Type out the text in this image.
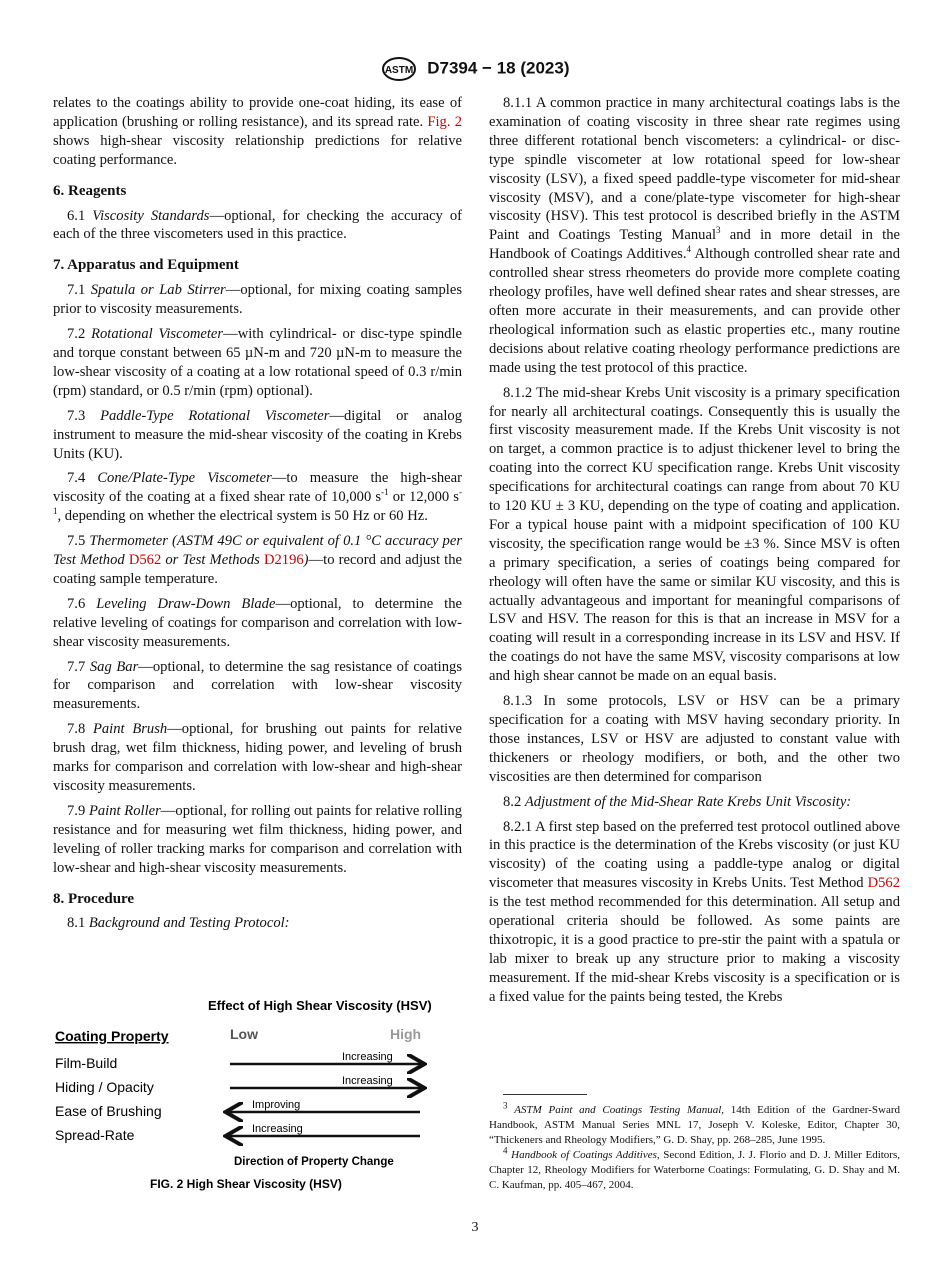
ASTM D7394 − 18 (2023)
relates to the coatings ability to provide one-coat hiding, its ease of application (brushing or rolling resistance), and its spread rate. Fig. 2 shows high-shear viscosity relationship predictions for relative coating performance.
6. Reagents
6.1 Viscosity Standards—optional, for checking the accuracy of each of the three viscometers used in this practice.
7. Apparatus and Equipment
7.1 Spatula or Lab Stirrer—optional, for mixing coating samples prior to viscosity measurements.
7.2 Rotational Viscometer—with cylindrical- or disc-type spindle and torque constant between 65 µN-m and 720 µN-m to measure the low-shear viscosity of a coating at a low rotational speed of 0.3 r/min (rpm) standard, or 0.5 r/min (rpm) optional).
7.3 Paddle-Type Rotational Viscometer—digital or analog instrument to measure the mid-shear viscosity of the coating in Krebs Units (KU).
7.4 Cone/Plate-Type Viscometer—to measure the high-shear viscosity of the coating at a fixed shear rate of 10,000 $s^{-1}$ or 12,000 $s^{-1}$, depending on whether the electrical system is 50 Hz or 60 Hz.
7.5 Thermometer (ASTM 49C or equivalent of 0.1 °C accuracy per Test Method D562 or Test Methods D2196)—to record and adjust the coating sample temperature.
7.6 Leveling Draw-Down Blade—optional, to determine the relative leveling of coatings for comparison and correlation with low-shear viscosity measurements.
7.7 Sag Bar—optional, to determine the sag resistance of coatings for comparison and correlation with low-shear viscosity measurements.
7.8 Paint Brush—optional, for brushing out paints for relative brush drag, wet film thickness, hiding power, and leveling of brush marks for comparison and correlation with low-shear and high-shear viscosity measurements.
7.9 Paint Roller—optional, for rolling out paints for relative rolling resistance and for measuring wet film thickness, hiding power, and leveling of roller tracking marks for comparison and correlation with low-shear and high-shear viscosity measurements.
8. Procedure
8.1 Background and Testing Protocol:
8.1.1 A common practice in many architectural coatings labs is the examination of coating viscosity in three shear rate regimes using three different rotational bench viscometers: a cylindrical- or disc-type spindle viscometer at low rotational speed for low-shear viscosity (LSV), a fixed speed paddle-type viscometer for mid-shear viscosity (MSV), and a cone/plate-type viscometer for high-shear viscosity (HSV). This test protocol is described briefly in the ASTM Paint and Coatings Testing Manual$^3$ and in more detail in the Handbook of Coatings Additives.$^4$ Although controlled shear rate and controlled shear stress rheometers do provide more complete coating rheology profiles, have well defined shear rates and shear stresses, are often more accurate in their measurements, and can provide other rheological information such as elastic properties etc., many routine decisions about relative coating rheology performance predictions are made using the test protocol of this practice.
8.1.2 The mid-shear Krebs Unit viscosity is a primary specification for nearly all architectural coatings. Consequently this is usually the first viscosity measurement made. If the Krebs Unit viscosity is not on target, a common practice is to adjust thickener level to bring the coating into the correct KU specification range. Krebs Unit viscosity specifications for architectural coatings can range from about 70 KU to 120 KU ± 3 KU, depending on the type of coating and application. For a typical house paint with a midpoint specification of 100 KU viscosity, the specification range would be ±3 %. Since MSV is often a primary specification, a series of coatings being compared for rheology will often have the same or similar KU viscosity, and this is actually advantageous and important for meaningful comparisons of LSV and HSV. The reason for this is that an increase in MSV for a coating will result in a corresponding increase in its LSV and HSV. If the coatings do not have the same MSV, viscosity comparisons at low and high shear cannot be made on an equal basis.
8.1.3 In some protocols, LSV or HSV can be a primary specification for a coating with MSV having secondary priority. In those instances, LSV or HSV are adjusted to constant value with thickeners or rheology modifiers, or both, and the other two viscosities are then determined for comparison
8.2 Adjustment of the Mid-Shear Rate Krebs Unit Viscosity:
8.2.1 A first step based on the preferred test protocol outlined above in this practice is the determination of the Krebs viscosity (or just KU viscosity) of the coating using a paddle-type analog or digital viscometer that measures viscosity in Krebs Units. Test Method D562 is the test method recommended for this determination. All setup and operational criteria should be followed. As some paints are thixotropic, it is a good practice to pre-stir the paint with a spatula or lab mixer to break up any structure prior to making a viscosity measurement. If the mid-shear Krebs viscosity is a specification or is a fixed value for the paints being tested, the Krebs
Effect of High Shear Viscosity (HSV)
Coating Property	Low	High
Film-Build	Increasing
Hiding / Opacity	Increasing
Ease of Brushing	Improving
Spread-Rate	Increasing
Direction of Property Change
FIG. 2 High Shear Viscosity (HSV)
$^3$ ASTM Paint and Coatings Testing Manual, 14th Edition of the Gardner-Sward Handbook, ASTM Manual Series MNL 17, Joseph V. Koleske, Editor, Chapter 30, “Thickeners and Rheology Modifiers,” G. D. Shay, pp. 268–285, June 1995.
$^4$ Handbook of Coatings Additives, Second Edition, J. J. Florio and D. J. Miller Editors, Chapter 12, Rheology Modifiers for Waterborne Coatings: Formulating, G. D. Shay and M. C. Kaufman, pp. 405–467, 2004.
3
